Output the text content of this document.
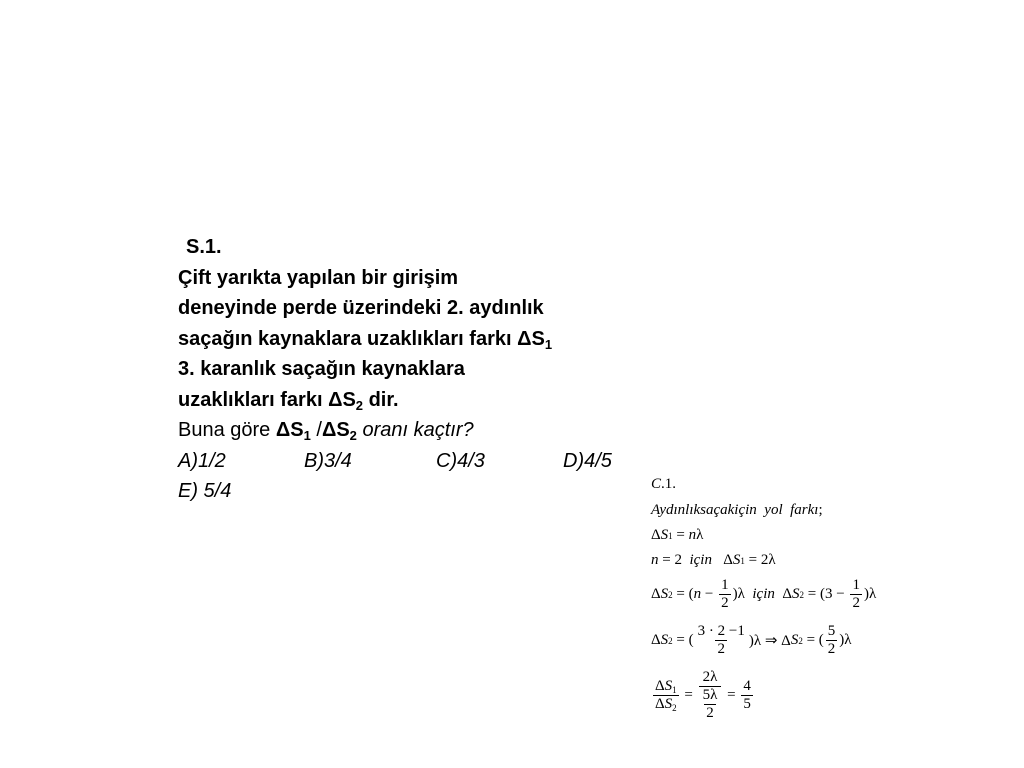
S.1.
Çift yarıkta yapılan bir girişim
deneyinde perde üzerindeki 2. aydınlık
saçağın kaynaklara uzaklıkları farkı $\Delta S_1$
3. karanlık saçağın kaynaklara
uzaklıkları farkı $\Delta S_2$ dir.
Buna göre $\Delta S_1$ $/\Delta S_2$ oranı kaçtır?
A)1/2	B)3/4	C)4/3	D)4/5
E) 5/4	C .1.
Aydınlıksaçakiçin  yol  farkı ;
Δ S 1 = n λ
n = 2 için Δ S 1 = 2λ
Δ S 2 = ( $n - \frac{1}{2} )\lambda$ için Δ S $2 = (3 - \frac{1}{2} )\lambda$
Δ S 2 = ( $\frac{3 \cdot 2 -1}{2} )\lambda$ ⇒ Δ S 2 = ( $\frac{5}{2} )\lambda$
$\frac{\Delta S_1}{\Delta S_2} = \frac{2\lambda}{\frac{5\lambda}{2}} = \frac{4}{5}$
